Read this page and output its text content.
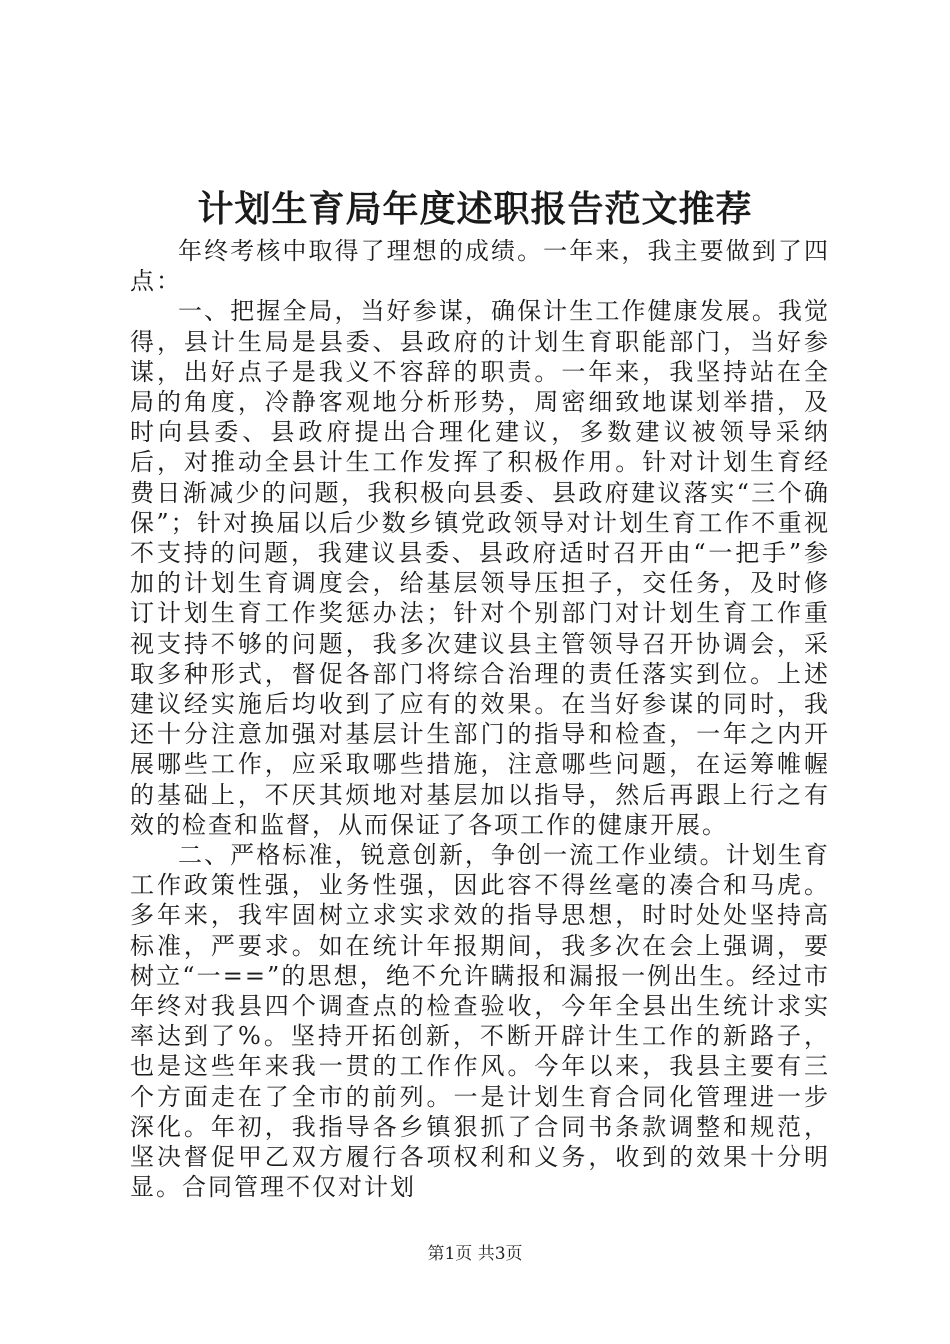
计划生育局年度述职报告范文推荐

年终考核中取得了理想的成绩。一年来，我主要做到了四点：

一、把握全局，当好参谋，确保计生工作健康发展。我觉得，县计生局是县委、县政府的计划生育职能部门，当好参谋，出好点子是我义不容辞的职责。一年来，我坚持站在全局的角度，冷静客观地分析形势，周密细致地谋划举措，及时向县委、县政府提出合理化建议，多数建议被领导采纳后，对推动全县计生工作发挥了积极作用。针对计划生育经费日渐减少的问题，我积极向县委、县政府建议落实“三个确保”；针对换届以后少数乡镇党政领导对计划生育工作不重视不支持的问题，我建议县委、县政府适时召开由“一把手”参加的计划生育调度会，给基层领导压担子，交任务，及时修订计划生育工作奖惩办法；针对个别部门对计划生育工作重视支持不够的问题，我多次建议县主管领导召开协调会，采取多种形式，督促各部门将综合治理的责任落实到位。上述建议经实施后均收到了应有的效果。在当好参谋的同时，我还十分注意加强对基层计生部门的指导和检查，一年之内开展哪些工作，应采取哪些措施，注意哪些问题，在运筹帷幄的基础上，不厌其烦地对基层加以指导，然后再跟上行之有效的检查和监督，从而保证了各项工作的健康开展。

二、严格标准，锐意创新，争创一流工作业绩。计划生育工作政策性强，业务性强，因此容不得丝毫的凑合和马虎。多年来，我牢固树立求实求效的指导思想，时时处处坚持高标准，严要求。如在统计年报期间，我多次在会上强调，要树立“一==”的思想，绝不允许瞒报和漏报一例出生。经过市年终对我县四个调查点的检查验收，今年全县出生统计求实率达到了%。坚持开拓创新，不断开辟计生工作的新路子，也是这些年来我一贯的工作作风。今年以来，我县主要有三个方面走在了全市的前列。一是计划生育合同化管理进一步深化。年初，我指导各乡镇狠抓了合同书条款调整和规范，坚决督促甲乙双方履行各项权利和义务，收到的效果十分明显。合同管理不仅对计划

第1页 共3页
